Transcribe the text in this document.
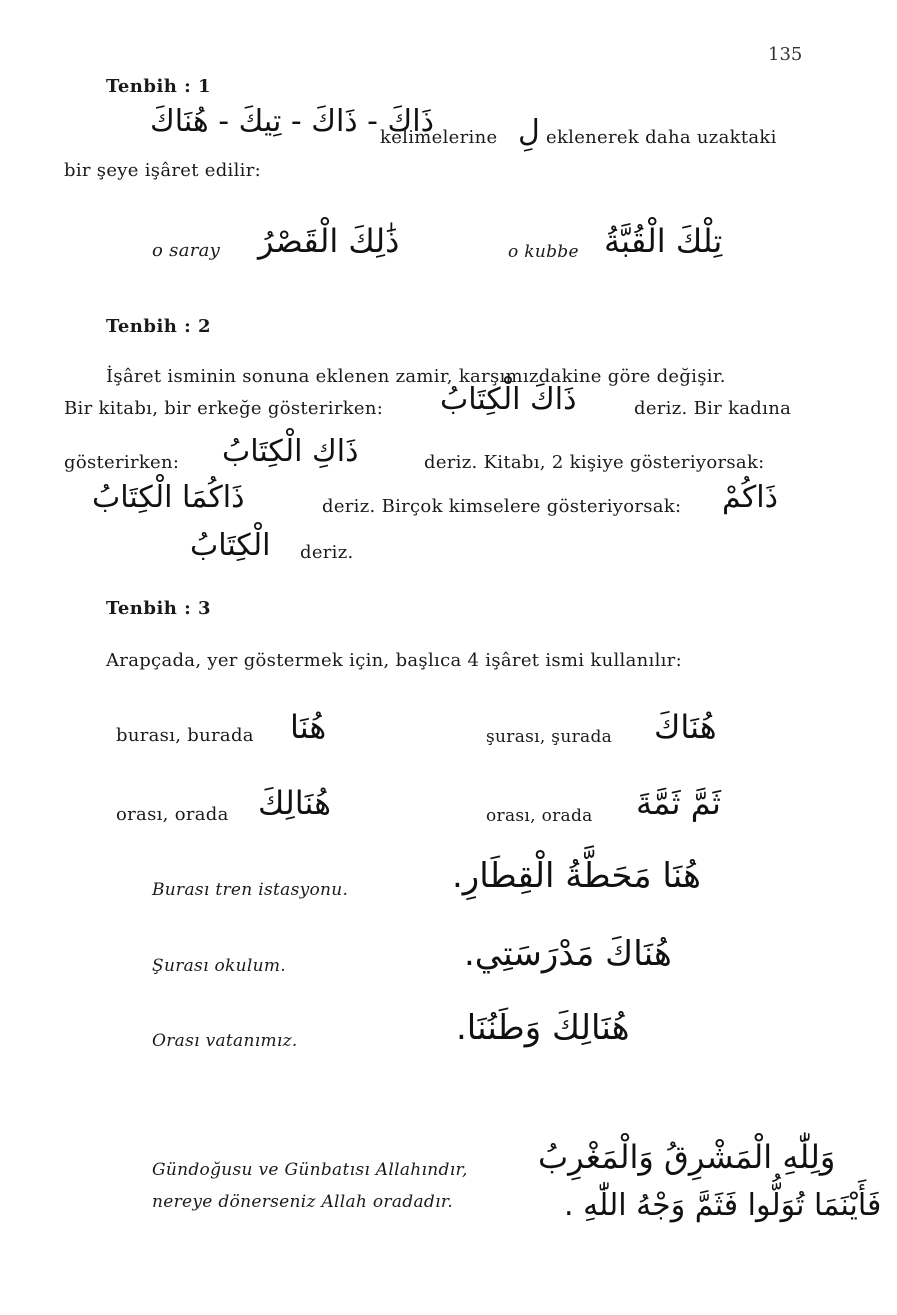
135
Tenbih : 1
ذَاكَ - ذَاكَ - تِيكَ - هُنَاكَ
kelimelerine لِ eklenerek daha uzaktaki
bir şeye işâret edilir:
o saray ذَٰلِكَ الْقَصْرُ	o kubbe تِلْكَ الْقُبَّةُ
Tenbih : 2
İşâret isminin sonuna eklenen zamir, karşımızdakine göre değişir.
Bir kitabı, bir erkeğe gösterirken: ذَاكَ الْكِتَابُ	deriz. Bir kadına
gösterirken: ذَاكِ الْكِتَابُ	deriz. Kitabı, 2 kişiye gösteriyorsak:
ذَاكُمَا الْكِتَابُ	deriz. Birçok kimselere gösteriyorsak: ذَاكُمْ
الْكِتَابُ deriz.
Tenbih : 3
Arapçada, yer göstermek için, başlıca 4 işâret ismi kullanılır:
burası, burada هُنَا	şurası, şurada هُنَاكَ
orası, orada هُنَالِكَ	orası, orada ثَمَّ ثَمَّةَ
Burası tren istasyonu.	هُنَا مَحَطَّةُ الْقِطَارِ.
Şurası okulum.	هُنَاكَ مَدْرَسَتِي.
Orası vatanımız.	هُنَالِكَ وَطَنُنَا.
Gündoğusu ve Günbatısı Allahındır,
nereye dönerseniz Allah oradadır.
وَلِلّٰهِ الْمَشْرِقُ وَالْمَغْرِبُ
فَأَيْنَمَا تُوَلُّوا فَثَمَّ وَجْهُ اللّٰهِ .
